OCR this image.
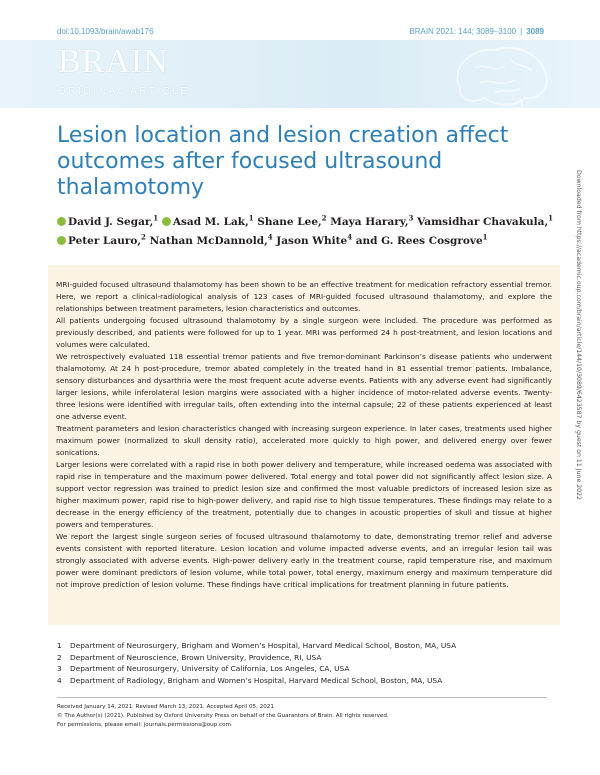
doi:10.1093/brain/awab176	BRAIN 2021: 144; 3089–3100 | 3089
BRAIN
ORIGINAL ARTICLE
Lesion location and lesion creation affect outcomes after focused ultrasound thalamotomy
David J. Segar,$^1$ Asad M. Lak,$^1$ Shane Lee,$^2$ Maya Harary,$^3$ Vamsidhar Chavakula,$^1$
Peter Lauro,$^2$ Nathan McDannold,$^4$ Jason White$^4$ and G. Rees Cosgrove$^1$

MRI-guided focused ultrasound thalamotomy has been shown to be an effective treatment for medication refractory essential tremor. Here, we report a clinical-radiological analysis of 123 cases of MRI-guided focused ultrasound thalamotomy, and explore the relationships between treatment parameters, lesion characteristics and outcomes.

All patients undergoing focused ultrasound thalamotomy by a single surgeon were included. The procedure was performed as previously described, and patients were followed for up to 1 year. MRI was performed 24 h post-treatment, and lesion locations and volumes were calculated.

We retrospectively evaluated 118 essential tremor patients and five tremor-dominant Parkinson’s disease patients who underwent thalamotomy. At 24 h post-procedure, tremor abated completely in the treated hand in 81 essential tremor patients. Imbalance, sensory disturbances and dysarthria were the most frequent acute adverse events. Patients with any adverse event had significantly larger lesions, while inferolateral lesion margins were associated with a higher incidence of motor-related adverse events. Twenty-three lesions were identified with irregular tails, often extending into the internal capsule; 22 of these patients experienced at least one adverse event.

Treatment parameters and lesion characteristics changed with increasing surgeon experience. In later cases, treatments used higher maximum power (normalized to skull density ratio), accelerated more quickly to high power, and delivered energy over fewer sonications.

Larger lesions were correlated with a rapid rise in both power delivery and temperature, while increased oedema was associated with rapid rise in temperature and the maximum power delivered. Total energy and total power did not significantly affect lesion size. A support vector regression was trained to predict lesion size and confirmed the most valuable predictors of increased lesion size as higher maximum power, rapid rise to high-power delivery, and rapid rise to high tissue temperatures. These findings may relate to a decrease in the energy efficiency of the treatment, potentially due to changes in acoustic properties of skull and tissue at higher powers and temperatures.

We report the largest single surgeon series of focused ultrasound thalamotomy to date, demonstrating tremor relief and adverse events consistent with reported literature. Lesion location and volume impacted adverse events, and an irregular lesion tail was strongly associated with adverse events. High-power delivery early in the treatment course, rapid temperature rise, and maximum power were dominant predictors of lesion volume, while total power, total energy, maximum energy and maximum temperature did not improve prediction of lesion volume. These findings have critical implications for treatment planning in future patients.

1	Department of Neurosurgery, Brigham and Women’s Hospital, Harvard Medical School, Boston, MA, USA
2	Department of Neuroscience, Brown University, Providence, RI, USA
3	Department of Neurosurgery, University of California, Los Angeles, CA, USA
4	Department of Radiology, Brigham and Women’s Hospital, Harvard Medical School, Boston, MA, USA
Received January 14, 2021. Revised March 13, 2021. Accepted April 05, 2021
© The Author(s) (2021). Published by Oxford University Press on behalf of the Guarantors of Brain. All rights reserved.
For permissions, please email: journals.permissions@oup.com
Downloaded from https://academic.oup.com/brain/article/144/10/3089/6423587 by guest on 11 June 2022
